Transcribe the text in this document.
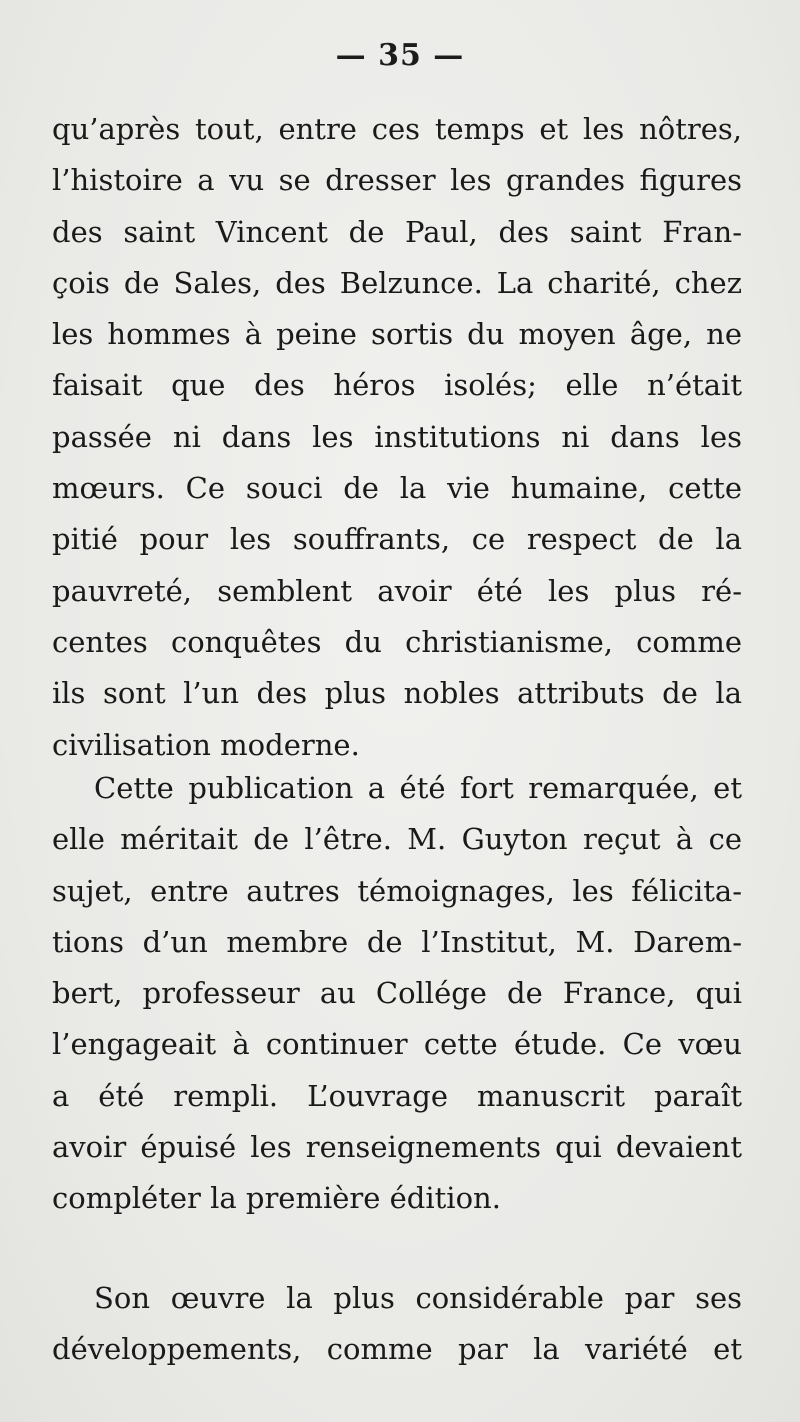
— 35 —
qu’après tout, entre ces temps et les nôtres,
l’histoire a vu se dresser les grandes figures
des saint Vincent de Paul, des saint Fran-
çois de Sales, des Belzunce. La charité, chez
les hommes à peine sortis du moyen âge, ne
faisait que des héros isolés; elle n’était
passée ni dans les institutions ni dans les
mœurs. Ce souci de la vie humaine, cette
pitié pour les souffrants, ce respect de la
pauvreté, semblent avoir été les plus ré-
centes conquêtes du christianisme, comme
ils sont l’un des plus nobles attributs de la
civilisation moderne.
Cette publication a été fort remarquée, et
elle méritait de l’être. M. Guyton reçut à ce
sujet, entre autres témoignages, les félicita-
tions d’un membre de l’Institut, M. Darem-
bert, professeur au Collége de France, qui
l’engageait à continuer cette étude. Ce vœu
a été rempli. L’ouvrage manuscrit paraît
avoir épuisé les renseignements qui devaient
compléter la première édition.
Son œuvre la plus considérable par ses
développements, comme par la variété et
